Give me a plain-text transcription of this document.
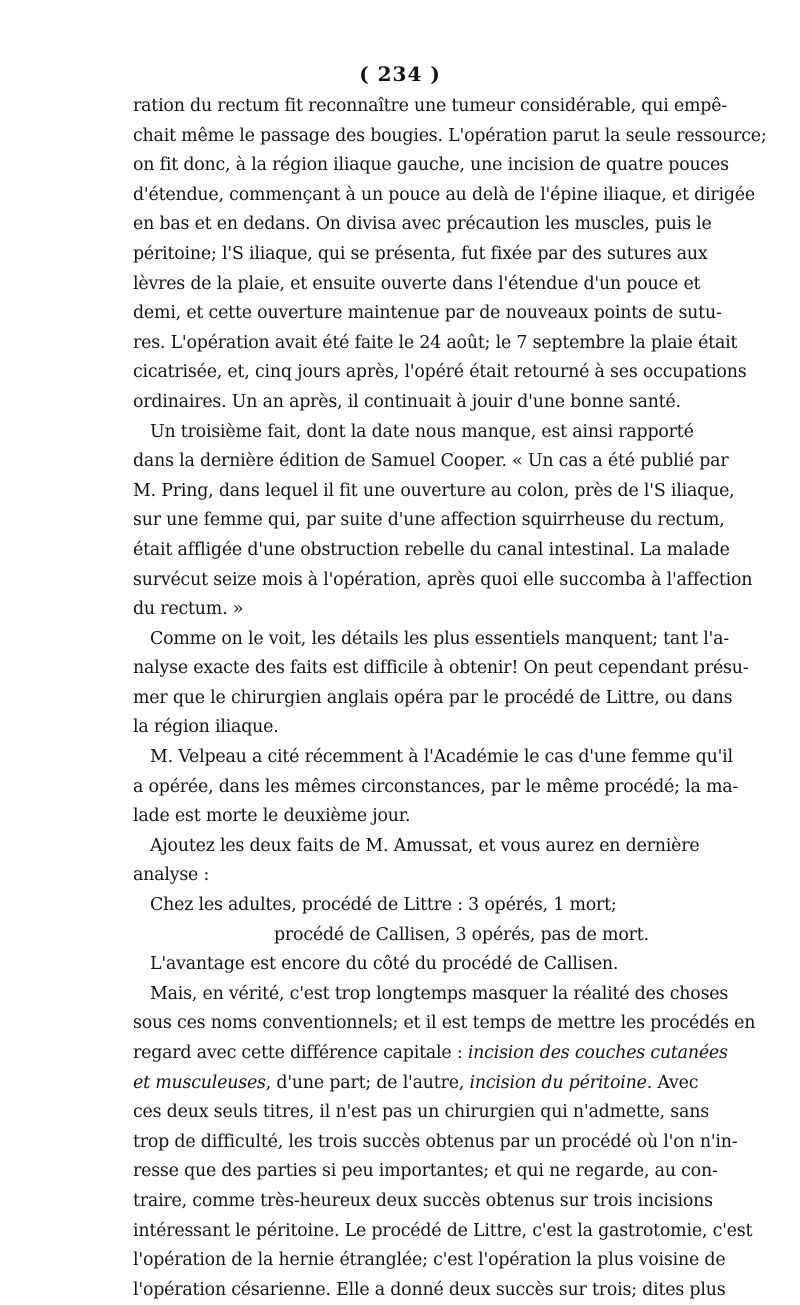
( 234 )
ration du rectum fit reconnaître une tumeur considérable, qui empê-
chait même le passage des bougies. L'opération parut la seule ressource;
on fit donc, à la région iliaque gauche, une incision de quatre pouces
d'étendue, commençant à un pouce au delà de l'épine iliaque, et dirigée
en bas et en dedans. On divisa avec précaution les muscles, puis le
péritoine; l'S iliaque, qui se présenta, fut fixée par des sutures aux
lèvres de la plaie, et ensuite ouverte dans l'étendue d'un pouce et
demi, et cette ouverture maintenue par de nouveaux points de sutu-
res. L'opération avait été faite le 24 août; le 7 septembre la plaie était
cicatrisée, et, cinq jours après, l'opéré était retourné à ses occupations
ordinaires. Un an après, il continuait à jouir d'une bonne santé.
Un troisième fait, dont la date nous manque, est ainsi rapporté
dans la dernière édition de Samuel Cooper. « Un cas a été publié par
M. Pring, dans lequel il fit une ouverture au colon, près de l'S iliaque,
sur une femme qui, par suite d'une affection squirrheuse du rectum,
était affligée d'une obstruction rebelle du canal intestinal. La malade
survécut seize mois à l'opération, après quoi elle succomba à l'affection
du rectum. »
Comme on le voit, les détails les plus essentiels manquent; tant l'a-
nalyse exacte des faits est difficile à obtenir! On peut cependant présu-
mer que le chirurgien anglais opéra par le procédé de Littre, ou dans
la région iliaque.
M. Velpeau a cité récemment à l'Académie le cas d'une femme qu'il
a opérée, dans les mêmes circonstances, par le même procédé; la ma-
lade est morte le deuxième jour.
Ajoutez les deux faits de M. Amussat, et vous aurez en dernière
analyse :
Chez les adultes, procédé de Littre : 3 opérés, 1 mort;
procédé de Callisen, 3 opérés, pas de mort.
L'avantage est encore du côté du procédé de Callisen.
Mais, en vérité, c'est trop longtemps masquer la réalité des choses
sous ces noms conventionnels; et il est temps de mettre les procédés en
regard avec cette différence capitale : incision des couches cutanées
et musculeuses, d'une part; de l'autre, incision du péritoine. Avec
ces deux seuls titres, il n'est pas un chirurgien qui n'admette, sans
trop de difficulté, les trois succès obtenus par un procédé où l'on n'in-
resse que des parties si peu importantes; et qui ne regarde, au con-
traire, comme très-heureux deux succès obtenus sur trois incisions
intéressant le péritoine. Le procédé de Littre, c'est la gastrotomie, c'est
l'opération de la hernie étranglée; c'est l'opération la plus voisine de
l'opération césarienne. Elle a donné deux succès sur trois; dites plus
